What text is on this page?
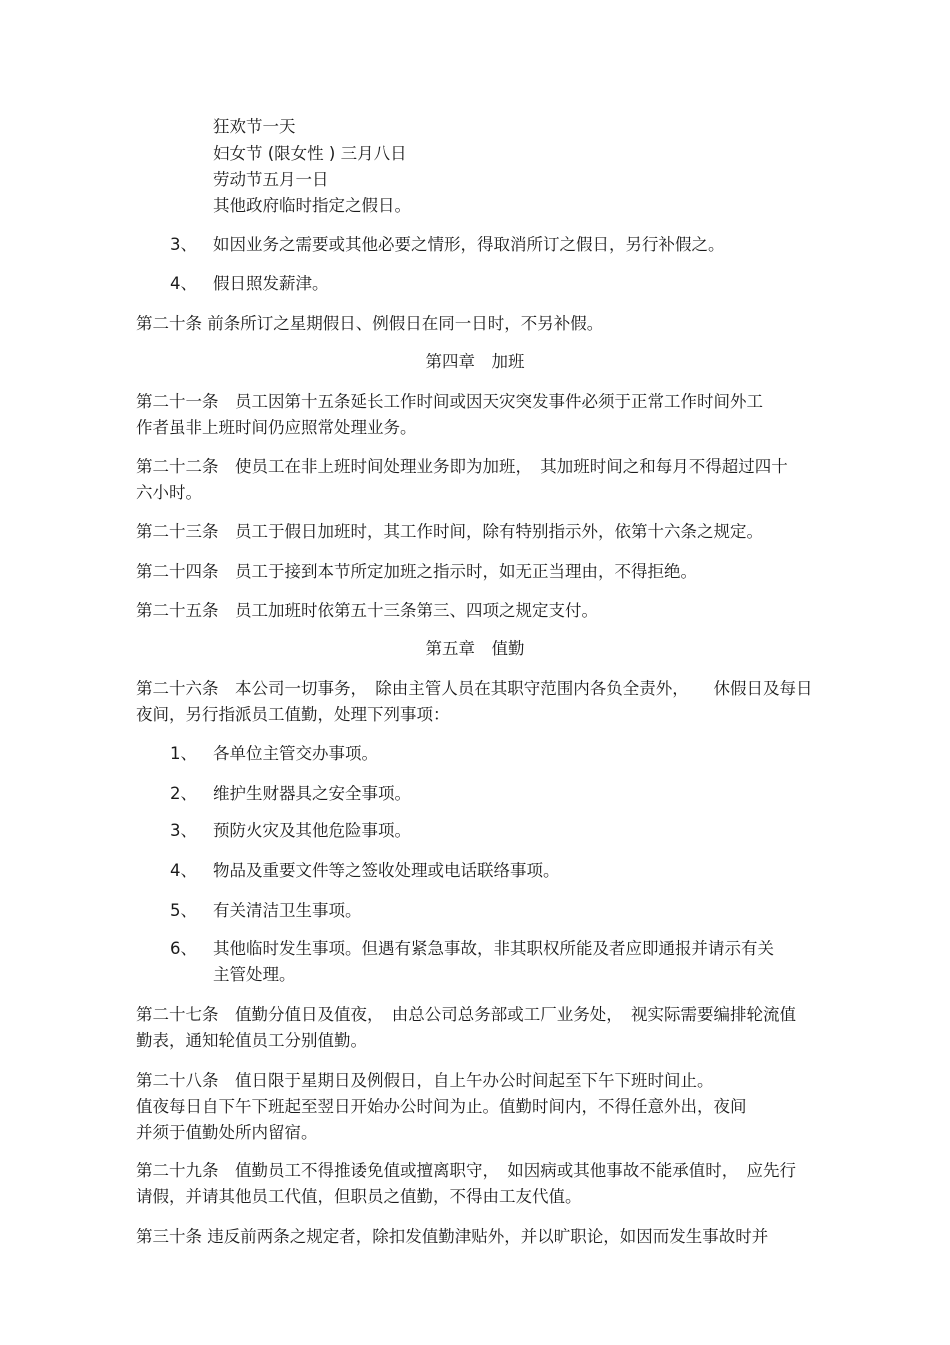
狂欢节一天
妇女节 (限女性 ) 三月八日
劳动节五月一日
其他政府临时指定之假日。
3、 如因业务之需要或其他必要之情形，得取消所订之假日，另行补假之。
4、 假日照发薪津。
第二十条 前条所订之星期假日、例假日在同一日时，不另补假。
第四章　加班
第二十一条　员工因第十五条延长工作时间或因天灾突发事件必须于正常工作时间外工
作者虽非上班时间仍应照常处理业务。
第二十二条　使员工在非上班时间处理业务即为加班，　其加班时间之和每月不得超过四十
六小时。
第二十三条　员工于假日加班时，其工作时间，除有特别指示外，依第十六条之规定。
第二十四条　员工于接到本节所定加班之指示时，如无正当理由，不得拒绝。
第二十五条　员工加班时依第五十三条第三、四项之规定支付。
第五章　值勤
第二十六条　本公司一切事务，　除由主管人员在其职守范围内各负全责外，　　休假日及每日
夜间，另行指派员工值勤，处理下列事项：
1、 各单位主管交办事项。
2、 维护生财器具之安全事项。
3、 预防火灾及其他危险事项。
4、 物品及重要文件等之签收处理或电话联络事项。
5、 有关清洁卫生事项。
6、 其他临时发生事项。但遇有紧急事故，非其职权所能及者应即通报并请示有关
主管处理。
第二十七条　值勤分值日及值夜，　由总公司总务部或工厂业务处，　视实际需要编排轮流值
勤表，通知轮值员工分别值勤。
第二十八条　值日限于星期日及例假日，自上午办公时间起至下午下班时间止。
值夜每日自下午下班起至翌日开始办公时间为止。值勤时间内，不得任意外出，夜间
并须于值勤处所内留宿。
第二十九条　值勤员工不得推诿免值或擅离职守，　如因病或其他事故不能承值时，　应先行
请假，并请其他员工代值，但职员之值勤，不得由工友代值。
第三十条 违反前两条之规定者，除扣发值勤津贴外，并以旷职论，如因而发生事故时并
